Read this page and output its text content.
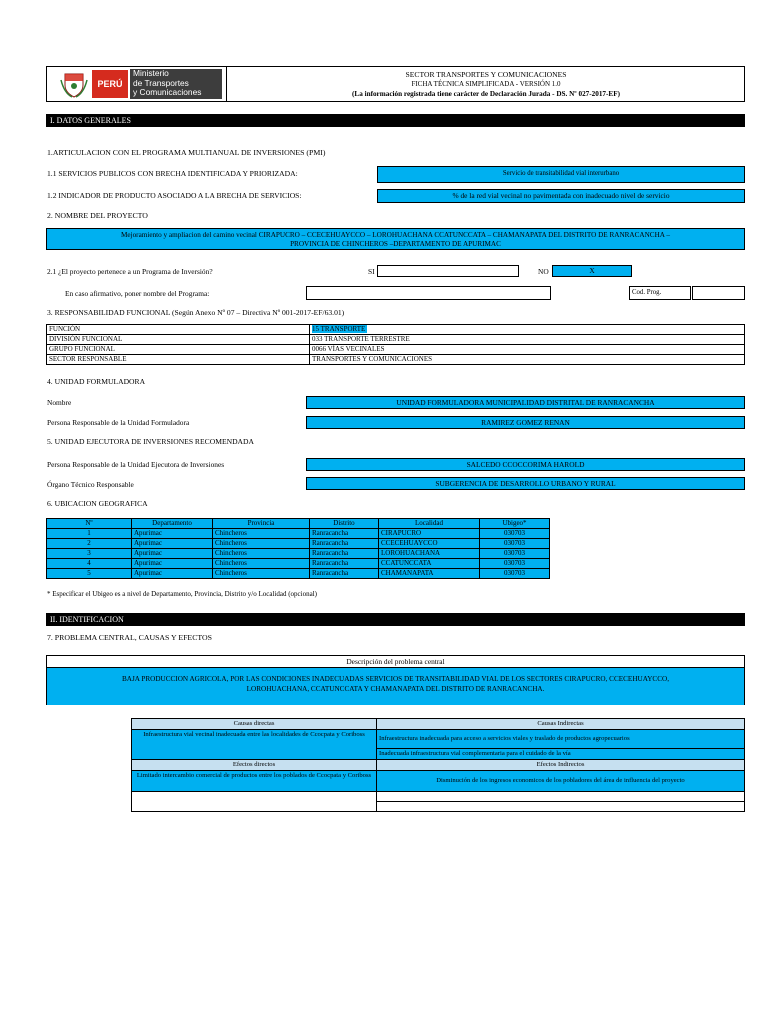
PERÚ
Ministerio
de Transportes
y Comunicaciones
SECTOR TRANSPORTES Y COMUNICACIONES
FICHA TÉCNICA SIMPLIFICADA - VERSIÓN 1.0
(La información registrada tiene carácter de Declaración Jurada - DS. Nº 027-2017-EF)
I. DATOS GENERALES
1.ARTICULACION CON EL PROGRAMA MULTIANUAL DE INVERSIONES (PMI)
1.1 SERVICIOS PUBLICOS CON BRECHA IDENTIFICADA Y PRIORIZADA:	Servicio de transitabilidad vial interurbano
1.2 INDICADOR DE PRODUCTO ASOCIADO A LA BRECHA DE SERVICIOS:	% de la red vial vecinal no pavimentada con inadecuado nivel de servicio
2. NOMBRE DEL PROYECTO
Mejoramiento y ampliacion del camino vecinal CIRAPUCRO – CCECEHUAYCCO – LOROHUACHANA CCATUNCCATA – CHAMANAPATA DEL DISTRITO DE RANRACANCHA –
PROVINCIA DE CHINCHEROS –DEPARTAMENTO DE APURIMAC
2.1 ¿El proyecto pertenece a un Programa de Inversión?	SI	NO	X
En caso afirmativo, poner nombre del Programa:	Cod. Prog.
3. RESPONSABILIDAD FUNCIONAL (Según Anexo Nº 07 – Directiva Nº 001-2017-EF/63.01)
FUNCIÓN	15 TRANSPORTE
DIVISIÓN FUNCIONAL	033 TRANSPORTE TERRESTRE
GRUPO FUNCIONAL	0066 VÍAS VECINALES
SECTOR RESPONSABLE	TRANSPORTES Y COMUNICACIONES
4. UNIDAD FORMULADORA
Nombre	UNIDAD FORMULADORA MUNICIPALIDAD DISTRITAL DE RANRACANCHA
Persona Responsable de la Unidad Formuladora	RAMIREZ GOMEZ RENAN
5. UNIDAD EJECUTORA DE INVERSIONES RECOMENDADA
Persona Responsable de la Unidad Ejecutora de Inversiones	SALCEDO CCOCCORIMA HAROLD
Órgano Técnico Responsable	SUBGERENCIA DE DESARROLLO URBANO Y RURAL
6. UBICACION GEOGRAFICA
Nº	Departamento	Provincia	Distrito	Localidad	Ubigeo*
1	Apurimac	Chincheros	Ranracancha	CIRAPUCRO	030703
2	Apurimac	Chincheros	Ranracancha	CCECEHUAYCCO	030703
3	Apurimac	Chincheros	Ranracancha	LOROHUACHANA	030703
4	Apurimac	Chincheros	Ranracancha	CCATUNCCATA	030703
5	Apurimac	Chincheros	Ranracancha	CHAMANAPATA	030703
* Especificar el Ubigeo es a nivel de Departamento, Provincia, Distrito y/o Localidad (opcional)
II. IDENTIFICACION
7. PROBLEMA CENTRAL, CAUSAS Y EFECTOS
Descripción del problema central
BAJA PRODUCCION AGRICOLA, POR LAS CONDICIONES INADECUADAS SERVICIOS DE TRANSITABILIDAD VIAL DE LOS SECTORES CIRAPUCRO, CCECEHUAYCCO,
LOROHUACHANA, CCATUNCCATA Y CHAMANAPATA DEL DISTRITO DE RANRACANCHA.
Causas directas	Causas Indirectas
Infraestructura vial vecinal inadecuada entre las localidades de Ccocpata y Coriboss	Infraestructura inadecuada para acceso a servicios viales y traslado de productos agropecuarios
	Inadecuada infraestructura vial complementaria para el cuidado de la vía
Efectos directos	Efectos Indirectos
Limitado intercambio comercial de productos entre los poblados de Ccocpata y Coriboss	Disminución de los ingresos economicos de los pobladores del área de influencia del proyecto
